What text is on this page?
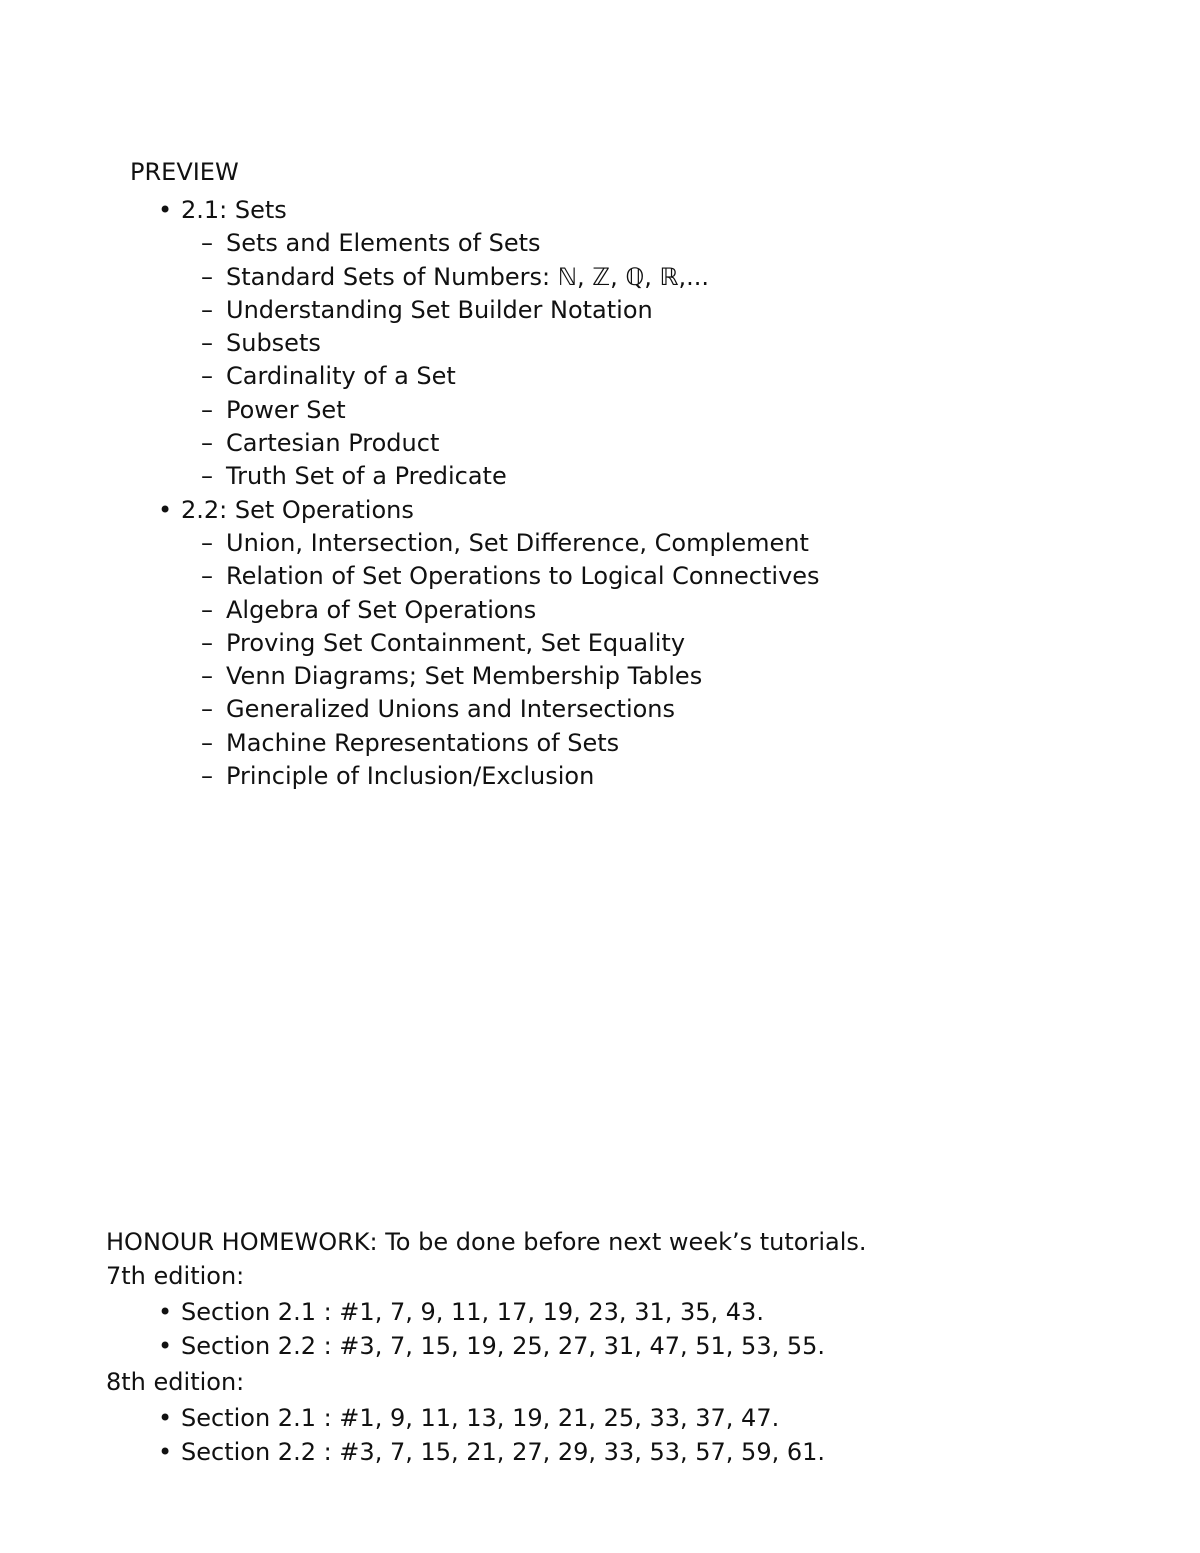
PREVIEW
• 2.1: Sets
– Sets and Elements of Sets
– Standard Sets of Numbers: ℕ, ℤ, ℚ, ℝ,...
– Understanding Set Builder Notation
– Subsets
– Cardinality of a Set
– Power Set
– Cartesian Product
– Truth Set of a Predicate
• 2.2: Set Operations
– Union, Intersection, Set Difference, Complement
– Relation of Set Operations to Logical Connectives
– Algebra of Set Operations
– Proving Set Containment, Set Equality
– Venn Diagrams; Set Membership Tables
– Generalized Unions and Intersections
– Machine Representations of Sets
– Principle of Inclusion/Exclusion
HONOUR HOMEWORK: To be done before next week’s tutorials.
7th edition:
• Section 2.1 : #1, 7, 9, 11, 17, 19, 23, 31, 35, 43.
• Section 2.2 : #3, 7, 15, 19, 25, 27, 31, 47, 51, 53, 55.
8th edition:
• Section 2.1 : #1, 9, 11, 13, 19, 21, 25, 33, 37, 47.
• Section 2.2 : #3, 7, 15, 21, 27, 29, 33, 53, 57, 59, 61.
